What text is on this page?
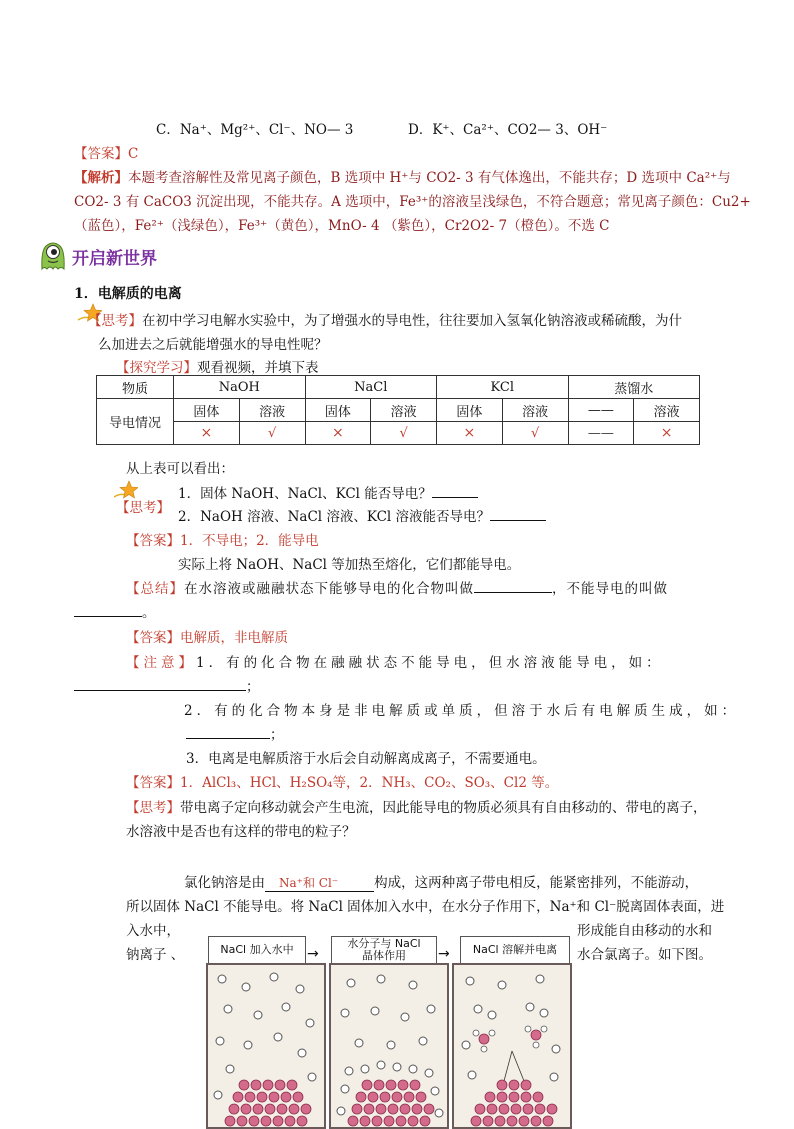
C．Na⁺、Mg²⁺、Cl⁻、NO— 3	D．K⁺、Ca²⁺、CO2— 3、OH⁻
【答案】C
【解析】本题考查溶解性及常见离子颜色，B 选项中 H⁺与 CO2- 3 有气体逸出，不能共存；D 选项中 Ca²⁺与
CO2- 3 有 CaCO3 沉淀出现，不能共存。A 选项中，Fe³⁺的溶液呈浅绿色，不符合题意；常见离子颜色：Cu2+
（蓝色），Fe²⁺（浅绿色），Fe³⁺（黄色），MnO- 4 （紫色），Cr2O2- 7（橙色）。不选 C
开启新世界
1．电解质的电离
【思考】在初中学习电解水实验中，为了增强水的导电性，往往要加入氢氧化钠溶液或稀硫酸，为什
么加进去之后就能增强水的导电性呢？
【探究学习】观看视频，并填下表
物质	NaOH		NaCl		KCl		蒸馏水	
导电情况	固体	溶液	固体	溶液	固体	溶液	——	溶液
	×	√	×	√	×	√	——	×
从上表可以看出：
1．固体 NaOH、NaCl、KCl 能否导电？
【思考】
2．NaOH 溶液、NaCl 溶液、KCl 溶液能否导电？
【答案】1．不导电；2．能导电
实际上将 NaOH、NaCl 等加热至熔化，它们都能导电。
【总结】在水溶液或融融状态下能够导电的化合物叫做	，不能导电的叫做
。
【答案】电解质，非电解质
【注意】1．有的化合物在融融状态不能导电，但水溶液能导电，如：
；
2．有的化合物本身是非电解质或单质，但溶于水后有电解质生成，如：
；
3．电离是电解质溶于水后会自动解离成离子，不需要通电。
【答案】1．AlCl₃、HCl、H₂SO₄等，2．NH₃、CO₂、SO₃、Cl2 等。
【思考】带电离子定向移动就会产生电流，因此能导电的物质必须具有自由移动的、带电的离子，
水溶液中是否也有这样的带电的粒子？
氯化钠溶是由 Na⁺和 Cl⁻	构成，这两种离子带电相反，能紧密排列，不能游动，
所以固体 NaCl 不能导电。将 NaCl 固体加入水中，在水分子作用下，Na⁺和 Cl⁻脱离固体表面，进
入水中，	形成能自由移动的水和
钠离子 、	水合氯离子。如下图。
NaCl 加入水中 →
水分子与 NaCl
晶体作用 →	NaCl 溶解并电离
